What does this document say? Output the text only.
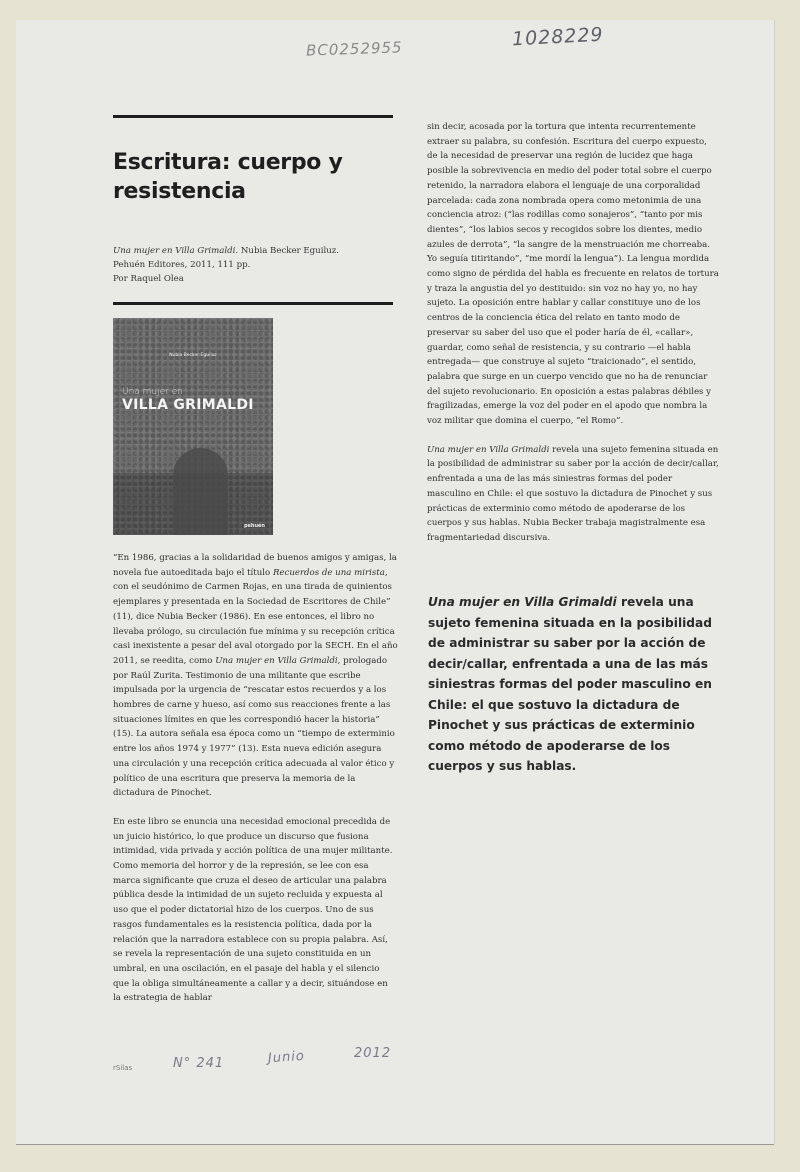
BC0252955	1028229
Escritura: cuerpo y resistencia
Una mujer en Villa Grimaldi. Nubia Becker Eguiluz.
Pehuén Editores, 2011, 111 pp.
Por Raquel Olea
Nubia Becker Eguiluz
Una mujer en
VILLA GRIMALDI
pehuén

“En 1986, gracias a la solidaridad de buenos amigos y amigas, la novela fue autoeditada bajo el título Recuerdos de una mirista, con el seudónimo de Carmen Rojas, en una tirada de quinientos ejemplares y presentada en la Sociedad de Escritores de Chile” (11), dice Nubia Becker (1986). En ese entonces, el libro no llevaba prólogo, su circulación fue mínima y su recepción crítica casi inexistente a pesar del aval otorgado por la SECH. En el año 2011, se reedita, como Una mujer en Villa Grimaldi, prologado por Raúl Zurita. Testimonio de una militante que escribe impulsada por la urgencia de “rescatar estos recuerdos y a los hombres de carne y hueso, así como sus reacciones frente a las situaciones límites en que les correspondió hacer la historia” (15). La autora señala esa época como un “tiempo de exterminio entre los años 1974 y 1977” (13). Esta nueva edición asegura una circulación y una recepción crítica adecuada al valor ético y político de una escritura que preserva la memoria de la dictadura de Pinochet.

En este libro se enuncia una necesidad emocional precedida de un juicio histórico, lo que produce un discurso que fusiona intimidad, vida privada y acción política de una mujer militante. Como memoria del horror y de la represión, se lee con esa marca significante que cruza el deseo de articular una palabra pública desde la intimidad de un sujeto recluida y expuesta al uso que el poder dictatorial hizo de los cuerpos. Uno de sus rasgos fundamentales es la resistencia política, dada por la relación que la narradora establece con su propia palabra. Así, se revela la representación de una sujeto constituida en un umbral, en una oscilación, en el pasaje del habla y el silencio que la obliga simultáneamente a callar y a decir, situándose en la estrategia de hablar

sin decir, acosada por la tortura que intenta recurrentemente extraer su palabra, su confesión. Escritura del cuerpo expuesto, de la necesidad de preservar una región de lucidez que haga posible la sobrevivencia en medio del poder total sobre el cuerpo retenido, la narradora elabora el lenguaje de una corporalidad parcelada: cada zona nombrada opera como metonimia de una conciencia atroz: (“las rodillas como sonajeros”, “tanto por mis dientes”, “los labios secos y recogidos sobre los dientes, medio azules de derrota”, “la sangre de la menstruación me chorreaba. Yo seguía titiritando”, “me mordí la lengua”). La lengua mordida como signo de pérdida del habla es frecuente en relatos de tortura y traza la angustia del yo destituido: sin voz no hay yo, no hay sujeto. La oposición entre hablar y callar constituye uno de los centros de la conciencia ética del relato en tanto modo de preservar su saber del uso que el poder haría de él, «callar», guardar, como señal de resistencia, y su contrario —el habla entregada— que construye al sujeto “traicionado”, el sentido, palabra que surge en un cuerpo vencido que no ha de renunciar del sujeto revolucionario. En oposición a estas palabras débiles y fragilizadas, emerge la voz del poder en el apodo que nombra la voz militar que domina el cuerpo, “el Romo”.

Una mujer en Villa Grimaldi revela una sujeto femenina situada en la posibilidad de administrar su saber por la acción de decir/callar, enfrentada a una de las más siniestras formas del poder masculino en Chile: el que sostuvo la dictadura de Pinochet y sus prácticas de exterminio como método de apoderarse de los cuerpos y sus hablas. Nubia Becker trabaja magistralmente esa fragmentariedad discursiva.

Una mujer en Villa Grimaldi revela una sujeto femenina situada en la posibilidad de administrar su saber por la acción de decir/callar, enfrentada a una de las más siniestras formas del poder masculino en Chile: el que sostuvo la dictadura de Pinochet y sus prácticas de exterminio como método de apoderarse de los cuerpos y sus hablas.
rSilas	N° 241	Junio	2012
